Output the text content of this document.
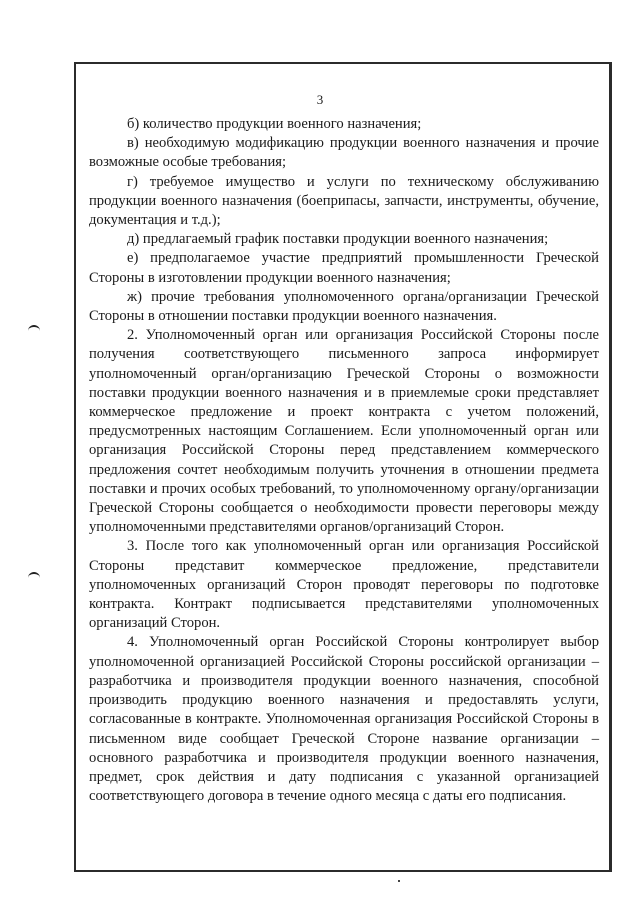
3

б) количество продукции военного назначения;

в) необходимую модификацию продукции военного назначения и прочие возможные особые требования;

г) требуемое имущество и услуги по техническому обслуживанию продукции военного назначения (боеприпасы, запчасти, инструменты, обучение, документация и т.д.);

д) предлагаемый график поставки продукции военного назначения;

е) предполагаемое участие предприятий промышленности Греческой Стороны в изготовлении продукции военного назначения;

ж) прочие требования уполномоченного органа/организации Греческой Стороны в отношении поставки продукции военного назначения.

2. Уполномоченный орган или организация Российской Стороны после получения соответствующего письменного запроса информирует уполномоченный орган/организацию Греческой Стороны о возможности поставки продукции военного назначения и в приемлемые сроки представляет коммерческое предложение и проект контракта с учетом положений, предусмотренных настоящим Соглашением. Если уполномоченный орган или организация Российской Стороны перед представлением коммерческого предложения сочтет необходимым получить уточнения в отношении предмета поставки и прочих особых требований, то уполномоченному органу/организации Греческой Стороны сообщается о необходимости провести переговоры между уполномоченными представителями органов/организаций Сторон.

3. После того как уполномоченный орган или организация Российской Стороны представит коммерческое предложение, представители уполномоченных организаций Сторон проводят переговоры по подготовке контракта. Контракт подписывается представителями уполномоченных организаций Сторон.

4. Уполномоченный орган Российской Стороны контролирует выбор уполномоченной организацией Российской Стороны российской организации – разработчика и производителя продукции военного назначения, способной производить продукцию военного назначения и предоставлять услуги, согласованные в контракте. Уполномоченная организация Российской Стороны в письменном виде сообщает Греческой Стороне название организации – основного разработчика и производителя продукции военного назначения, предмет, срок действия и дату подписания с указанной организацией соответствующего договора в течение одного месяца с даты его подписания.
